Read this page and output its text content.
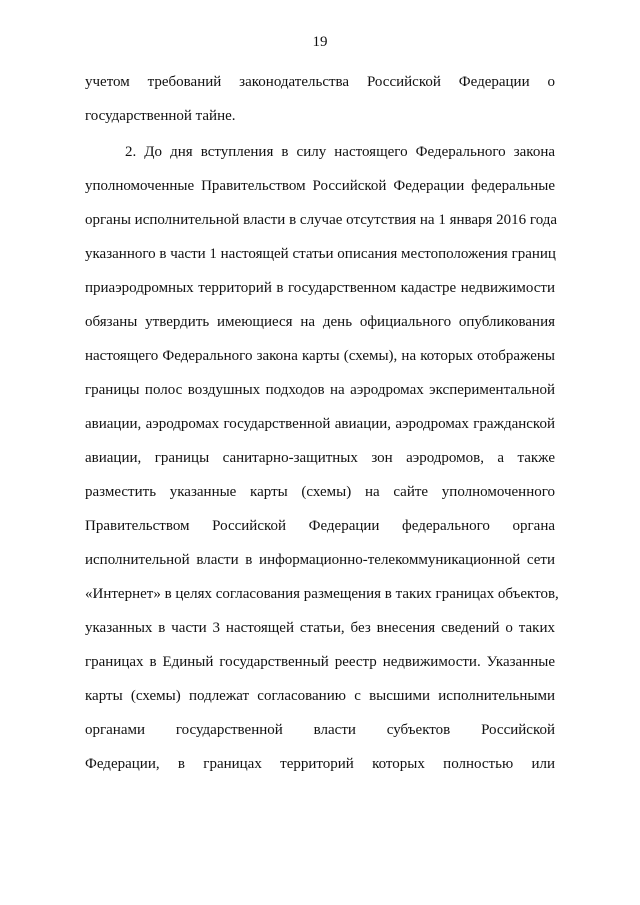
19
учетом требований законодательства Российской Федерации о
государственной тайне.
2. До дня вступления в силу настоящего Федерального закона
уполномоченные Правительством Российской Федерации федеральные
органы исполнительной власти в случае отсутствия на 1 января 2016 года
указанного в части 1 настоящей статьи описания местоположения границ
приаэродромных территорий в государственном кадастре недвижимости
обязаны утвердить имеющиеся на день официального опубликования
настоящего Федерального закона карты (схемы), на которых отображены
границы полос воздушных подходов на аэродромах экспериментальной
авиации, аэродромах государственной авиации, аэродромах гражданской
авиации, границы санитарно-защитных зон аэродромов, а также
разместить указанные карты (схемы) на сайте уполномоченного
Правительством Российской Федерации федерального органа
исполнительной власти в информационно-телекоммуникационной сети
«Интернет» в целях согласования размещения в таких границах объектов,
указанных в части 3 настоящей статьи, без внесения сведений о таких
границах в Единый государственный реестр недвижимости. Указанные
карты (схемы) подлежат согласованию с высшими исполнительными
органами государственной власти субъектов Российской
Федерации, в границах территорий которых полностью или
